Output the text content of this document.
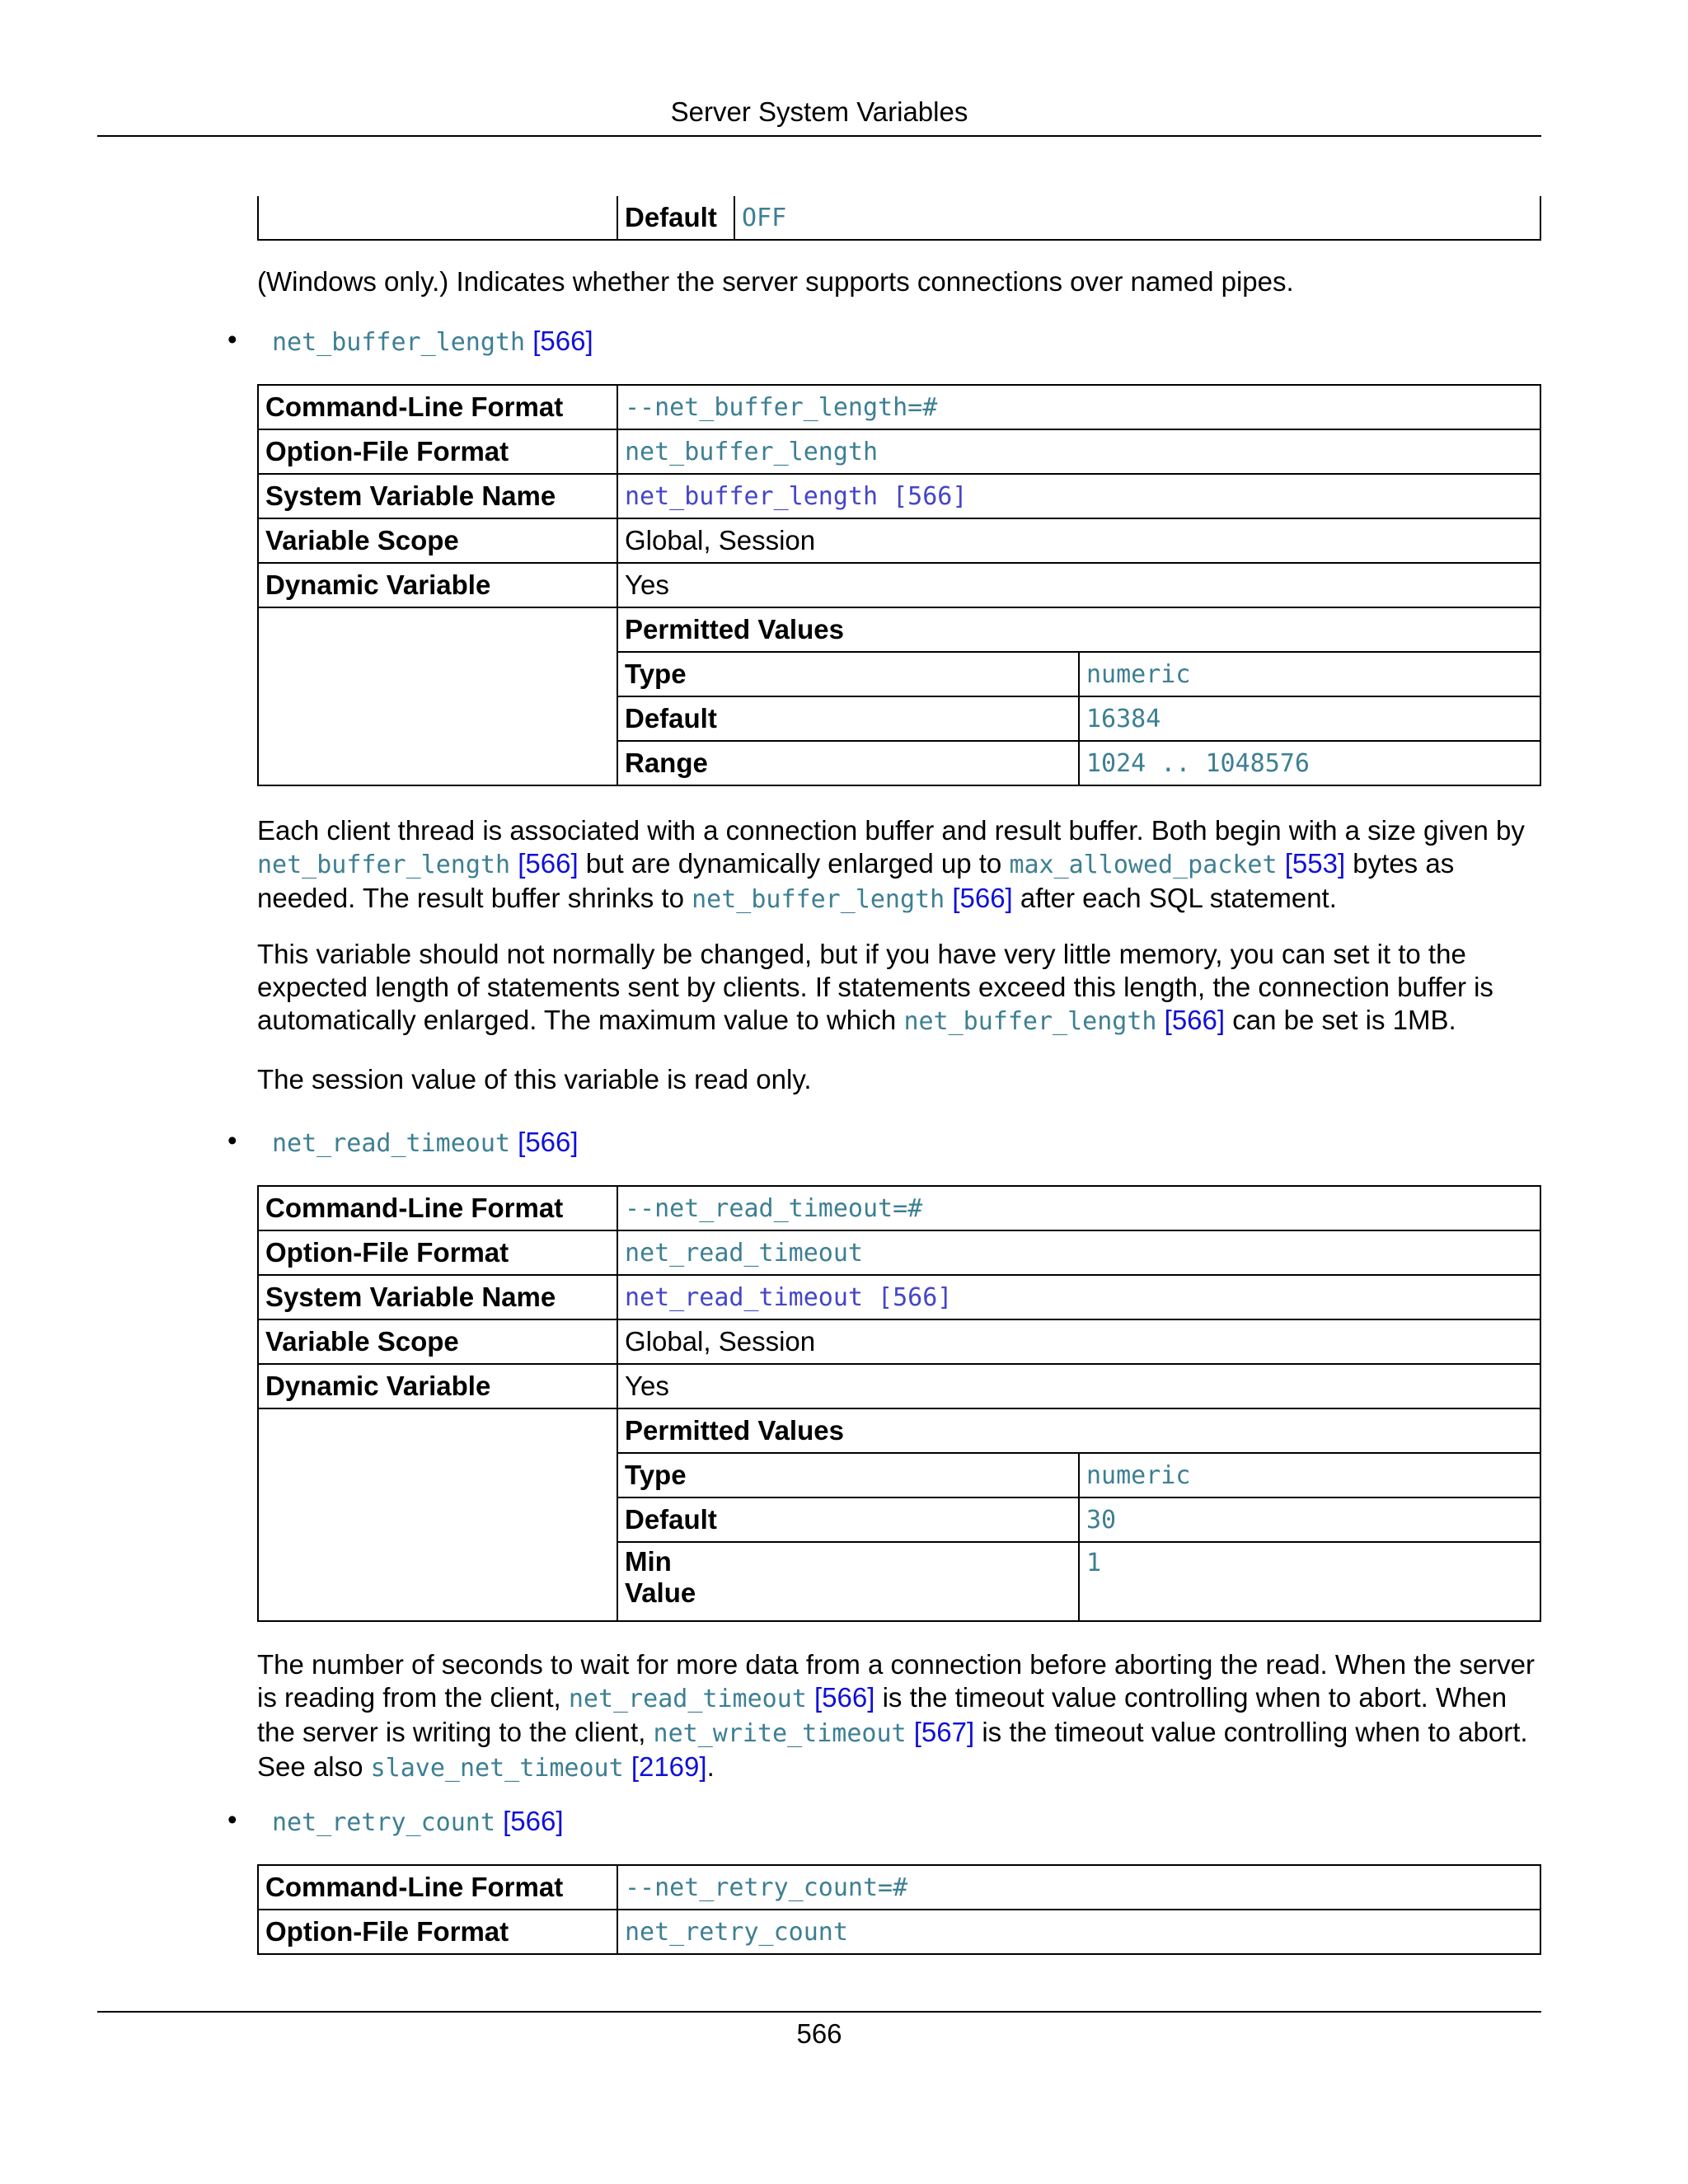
Server System Variables
	Default	OFF

(Windows only.) Indicates whether the server supports connections over named pipes.

• net_buffer_length [566]
Command-Line Format	--net_buffer_length=#	
Option-File Format	net_buffer_length	
System Variable Name	net_buffer_length [566]	
Variable Scope	Global, Session	
Dynamic Variable	Yes	
	Permitted Values	
	Type	numeric
	Default	16384
	Range	1024 .. 1048576

Each client thread is associated with a connection buffer and result buffer. Both begin with a size given by net_buffer_length [566] but are dynamically enlarged up to max_allowed_packet [553] bytes as needed. The result buffer shrinks to net_buffer_length [566] after each SQL statement.

This variable should not normally be changed, but if you have very little memory, you can set it to the expected length of statements sent by clients. If statements exceed this length, the connection buffer is automatically enlarged. The maximum value to which net_buffer_length [566] can be set is 1MB.

The session value of this variable is read only.

• net_read_timeout [566]
Command-Line Format	--net_read_timeout=#	
Option-File Format	net_read_timeout	
System Variable Name	net_read_timeout [566]	
Variable Scope	Global, Session	
Dynamic Variable	Yes	
	Permitted Values	
	Type	numeric
	Default	30
	Min
Value	1

The number of seconds to wait for more data from a connection before aborting the read. When the server is reading from the client, net_read_timeout [566] is the timeout value controlling when to abort. When the server is writing to the client, net_write_timeout [567] is the timeout value controlling when to abort. See also slave_net_timeout [2169].

• net_retry_count [566]
Command-Line Format	--net_retry_count=#
Option-File Format	net_retry_count
566
